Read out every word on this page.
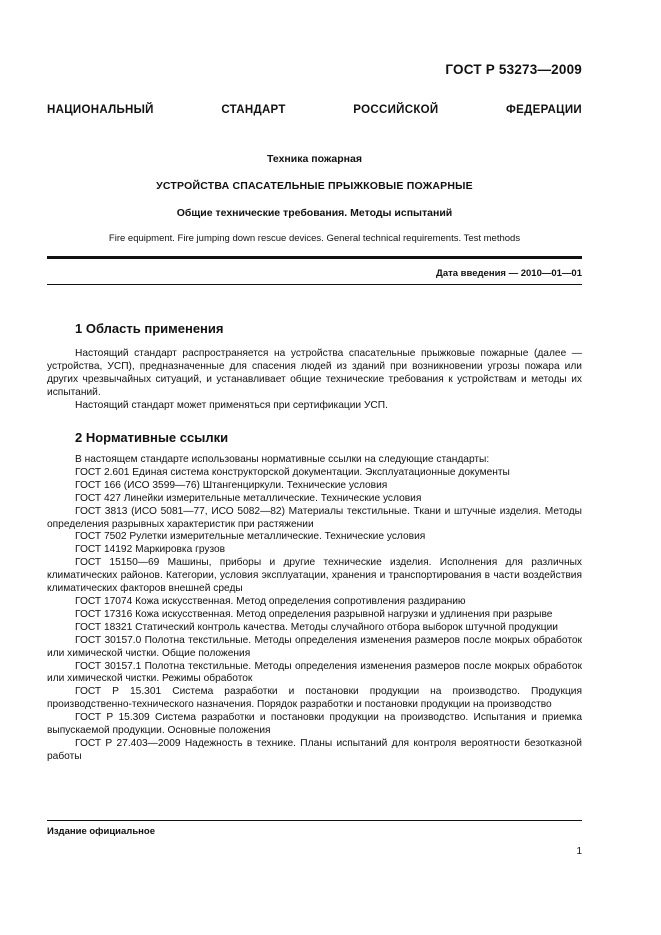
ГОСТ Р 53273—2009
НАЦИОНАЛЬНЫЙ СТАНДАРТ РОССИЙСКОЙ ФЕДЕРАЦИИ
Техника пожарная
УСТРОЙСТВА СПАСАТЕЛЬНЫЕ ПРЫЖКОВЫЕ ПОЖАРНЫЕ
Общие технические требования. Методы испытаний
Fire equipment. Fire jumping down rescue devices. General technical requirements. Test methods
Дата введения — 2010—01—01
1 Область применения

Настоящий стандарт распространяется на устройства спасательные прыжковые пожарные (далее — устройства, УСП), предназначенные для спасения людей из зданий при возникновении угрозы пожара или других чрезвычайных ситуаций, и устанавливает общие технические требования к устройствам и методы их испытаний.

Настоящий стандарт может применяться при сертификации УСП.

2 Нормативные ссылки

В настоящем стандарте использованы нормативные ссылки на следующие стандарты:

ГОСТ 2.601 Единая система конструкторской документации. Эксплуатационные документы

ГОСТ 166 (ИСО 3599—76) Штангенциркули. Технические условия

ГОСТ 427 Линейки измерительные металлические. Технические условия

ГОСТ 3813 (ИСО 5081—77, ИСО 5082—82) Материалы текстильные. Ткани и штучные изделия. Методы определения разрывных характеристик при растяжении

ГОСТ 7502 Рулетки измерительные металлические. Технические условия

ГОСТ 14192 Маркировка грузов

ГОСТ 15150—69 Машины, приборы и другие технические изделия. Исполнения для различных климатических районов. Категории, условия эксплуатации, хранения и транспортирования в части воздействия климатических факторов внешней среды

ГОСТ 17074 Кожа искусственная. Метод определения сопротивления раздиранию

ГОСТ 17316 Кожа искусственная. Метод определения разрывной нагрузки и удлинения при разрыве

ГОСТ 18321 Статический контроль качества. Методы случайного отбора выборок штучной продукции

ГОСТ 30157.0 Полотна текстильные. Методы определения изменения размеров после мокрых обработок или химической чистки. Общие положения

ГОСТ 30157.1 Полотна текстильные. Методы определения изменения размеров после мокрых обработок или химической чистки. Режимы обработок

ГОСТ Р 15.301 Система разработки и постановки продукции на производство. Продукция производственно-технического назначения. Порядок разработки и постановки продукции на производство

ГОСТ Р 15.309 Система разработки и постановки продукции на производство. Испытания и приемка выпускаемой продукции. Основные положения

ГОСТ Р 27.403—2009 Надежность в технике. Планы испытаний для контроля вероятности безотказной работы

Издание официальное
1
